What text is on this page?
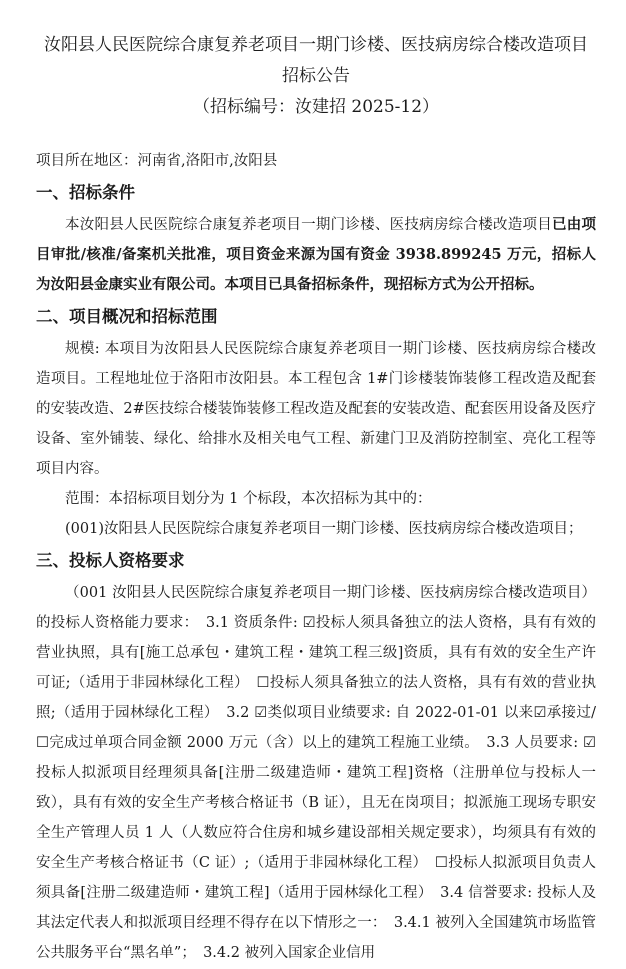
汝阳县人民医院综合康复养老项目一期门诊楼、医技病房综合楼改造项目招标公告
（招标编号：汝建招 2025-12）
项目所在地区：河南省,洛阳市,汝阳县
一、招标条件

本汝阳县人民医院综合康复养老项目一期门诊楼、医技病房综合楼改造项目已由项目审批/核准/备案机关批准，项目资金来源为国有资金 3938.899245 万元，招标人为汝阳县金康实业有限公司。本项目已具备招标条件，现招标方式为公开招标。

二、项目概况和招标范围

规模: 本项目为汝阳县人民医院综合康复养老项目一期门诊楼、医技病房综合楼改造项目。工程地址位于洛阳市汝阳县。本工程包含 1#门诊楼装饰装修工程改造及配套的安装改造、2#医技综合楼装饰装修工程改造及配套的安装改造、配套医用设备及医疗设备、室外铺装、绿化、给排水及相关电气工程、新建门卫及消防控制室、亮化工程等项目内容。

范围：本招标项目划分为 1 个标段，本次招标为其中的：

(001)汝阳县人民医院综合康复养老项目一期门诊楼、医技病房综合楼改造项目；

三、投标人资格要求

（001 汝阳县人民医院综合康复养老项目一期门诊楼、医技病房综合楼改造项目）的投标人资格能力要求：　3.1 资质条件: ☑投标人须具备独立的法人资格，具有有效的营业执照，具有[施工总承包・建筑工程・建筑工程三级]资质，具有有效的安全生产许可证;（适用于非园林绿化工程）　☐投标人须具备独立的法人资格，具有有效的营业执照;（适用于园林绿化工程）　3.2 ☑类似项目业绩要求: 自 2022-01-01 以来☑承接过/☐完成过单项合同金额 2000 万元（含）以上的建筑工程施工业绩。　3.3 人员要求: ☑投标人拟派项目经理须具备[注册二级建造师・建筑工程]资格（注册单位与投标人一致），具有有效的安全生产考核合格证书（B 证），且无在岗项目；拟派施工现场专职安全生产管理人员 1 人（人数应符合住房和城乡建设部相关规定要求），均须具有有效的安全生产考核合格证书（C 证）;（适用于非园林绿化工程）　☐投标人拟派项目负责人须具备[注册二级建造师・建筑工程]（适用于园林绿化工程）　3.4 信誉要求: 投标人及其法定代表人和拟派项目经理不得存在以下情形之一：　3.4.1 被列入全国建筑市场监管公共服务平台“黑名单”；　3.4.2 被列入国家企业信用
